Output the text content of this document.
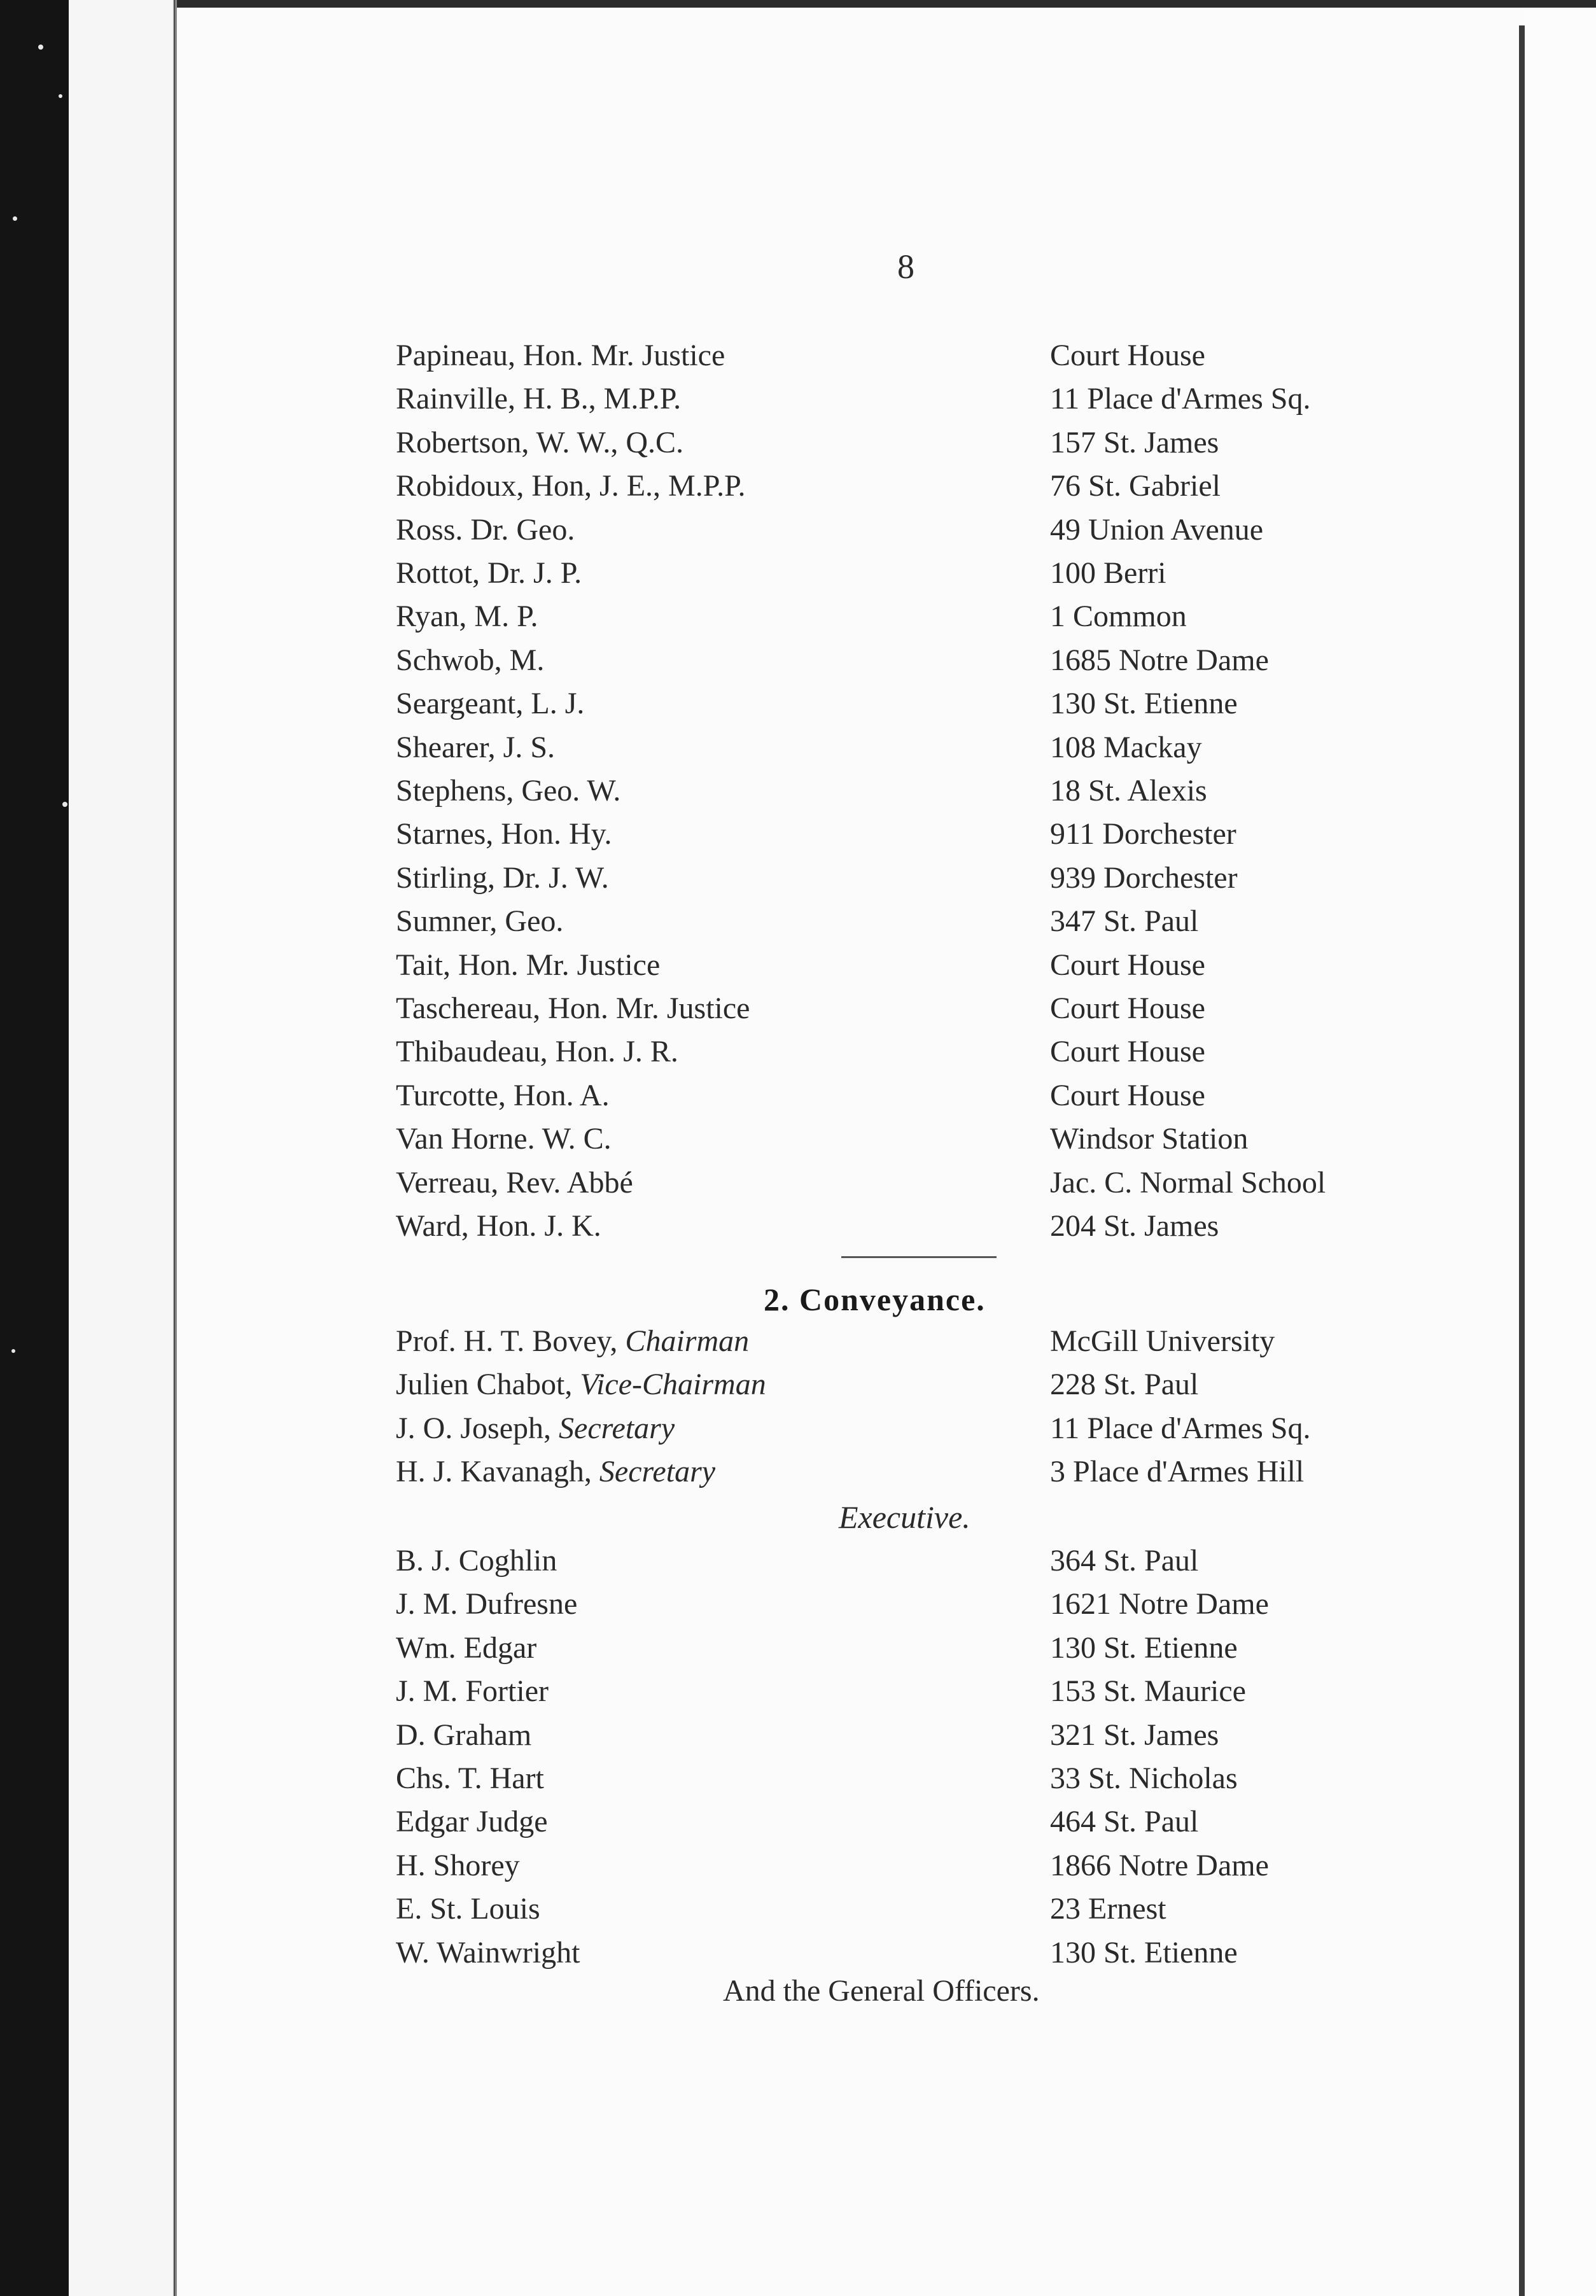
8
Papineau, Hon. Mr. Justice	Court House
Rainville, H. B., M.P.P.	11 Place d'Armes Sq.
Robertson, W. W., Q.C.	157 St. James
Robidoux, Hon, J. E., M.P.P.	76 St. Gabriel
Ross. Dr. Geo.	49 Union Avenue
Rottot, Dr. J. P.	100 Berri
Ryan, M. P.	1 Common
Schwob, M.	1685 Notre Dame
Seargeant, L. J.	130 St. Etienne
Shearer, J. S.	108 Mackay
Stephens, Geo. W.	18 St. Alexis
Starnes, Hon. Hy.	911 Dorchester
Stirling, Dr. J. W.	939 Dorchester
Sumner, Geo.	347 St. Paul
Tait, Hon. Mr. Justice	Court House
Taschereau, Hon. Mr. Justice	Court House
Thibaudeau, Hon. J. R.	Court House
Turcotte, Hon. A.	Court House
Van Horne. W. C.	Windsor Station
Verreau, Rev. Abbé	Jac. C. Normal School
Ward, Hon. J. K.	204 St. James
2. Conveyance.
Prof. H. T. Bovey, Chairman	McGill University
Julien Chabot, Vice-Chairman	228 St. Paul
J. O. Joseph, Secretary	11 Place d'Armes Sq.
H. J. Kavanagh, Secretary	3 Place d'Armes Hill
Executive.
B. J. Coghlin	364 St. Paul
J. M. Dufresne	1621 Notre Dame
Wm. Edgar	130 St. Etienne
J. M. Fortier	153 St. Maurice
D. Graham	321 St. James
Chs. T. Hart	33 St. Nicholas
Edgar Judge	464 St. Paul
H. Shorey	1866 Notre Dame
E. St. Louis	23 Ernest
W. Wainwright	130 St. Etienne
And the General Officers.
